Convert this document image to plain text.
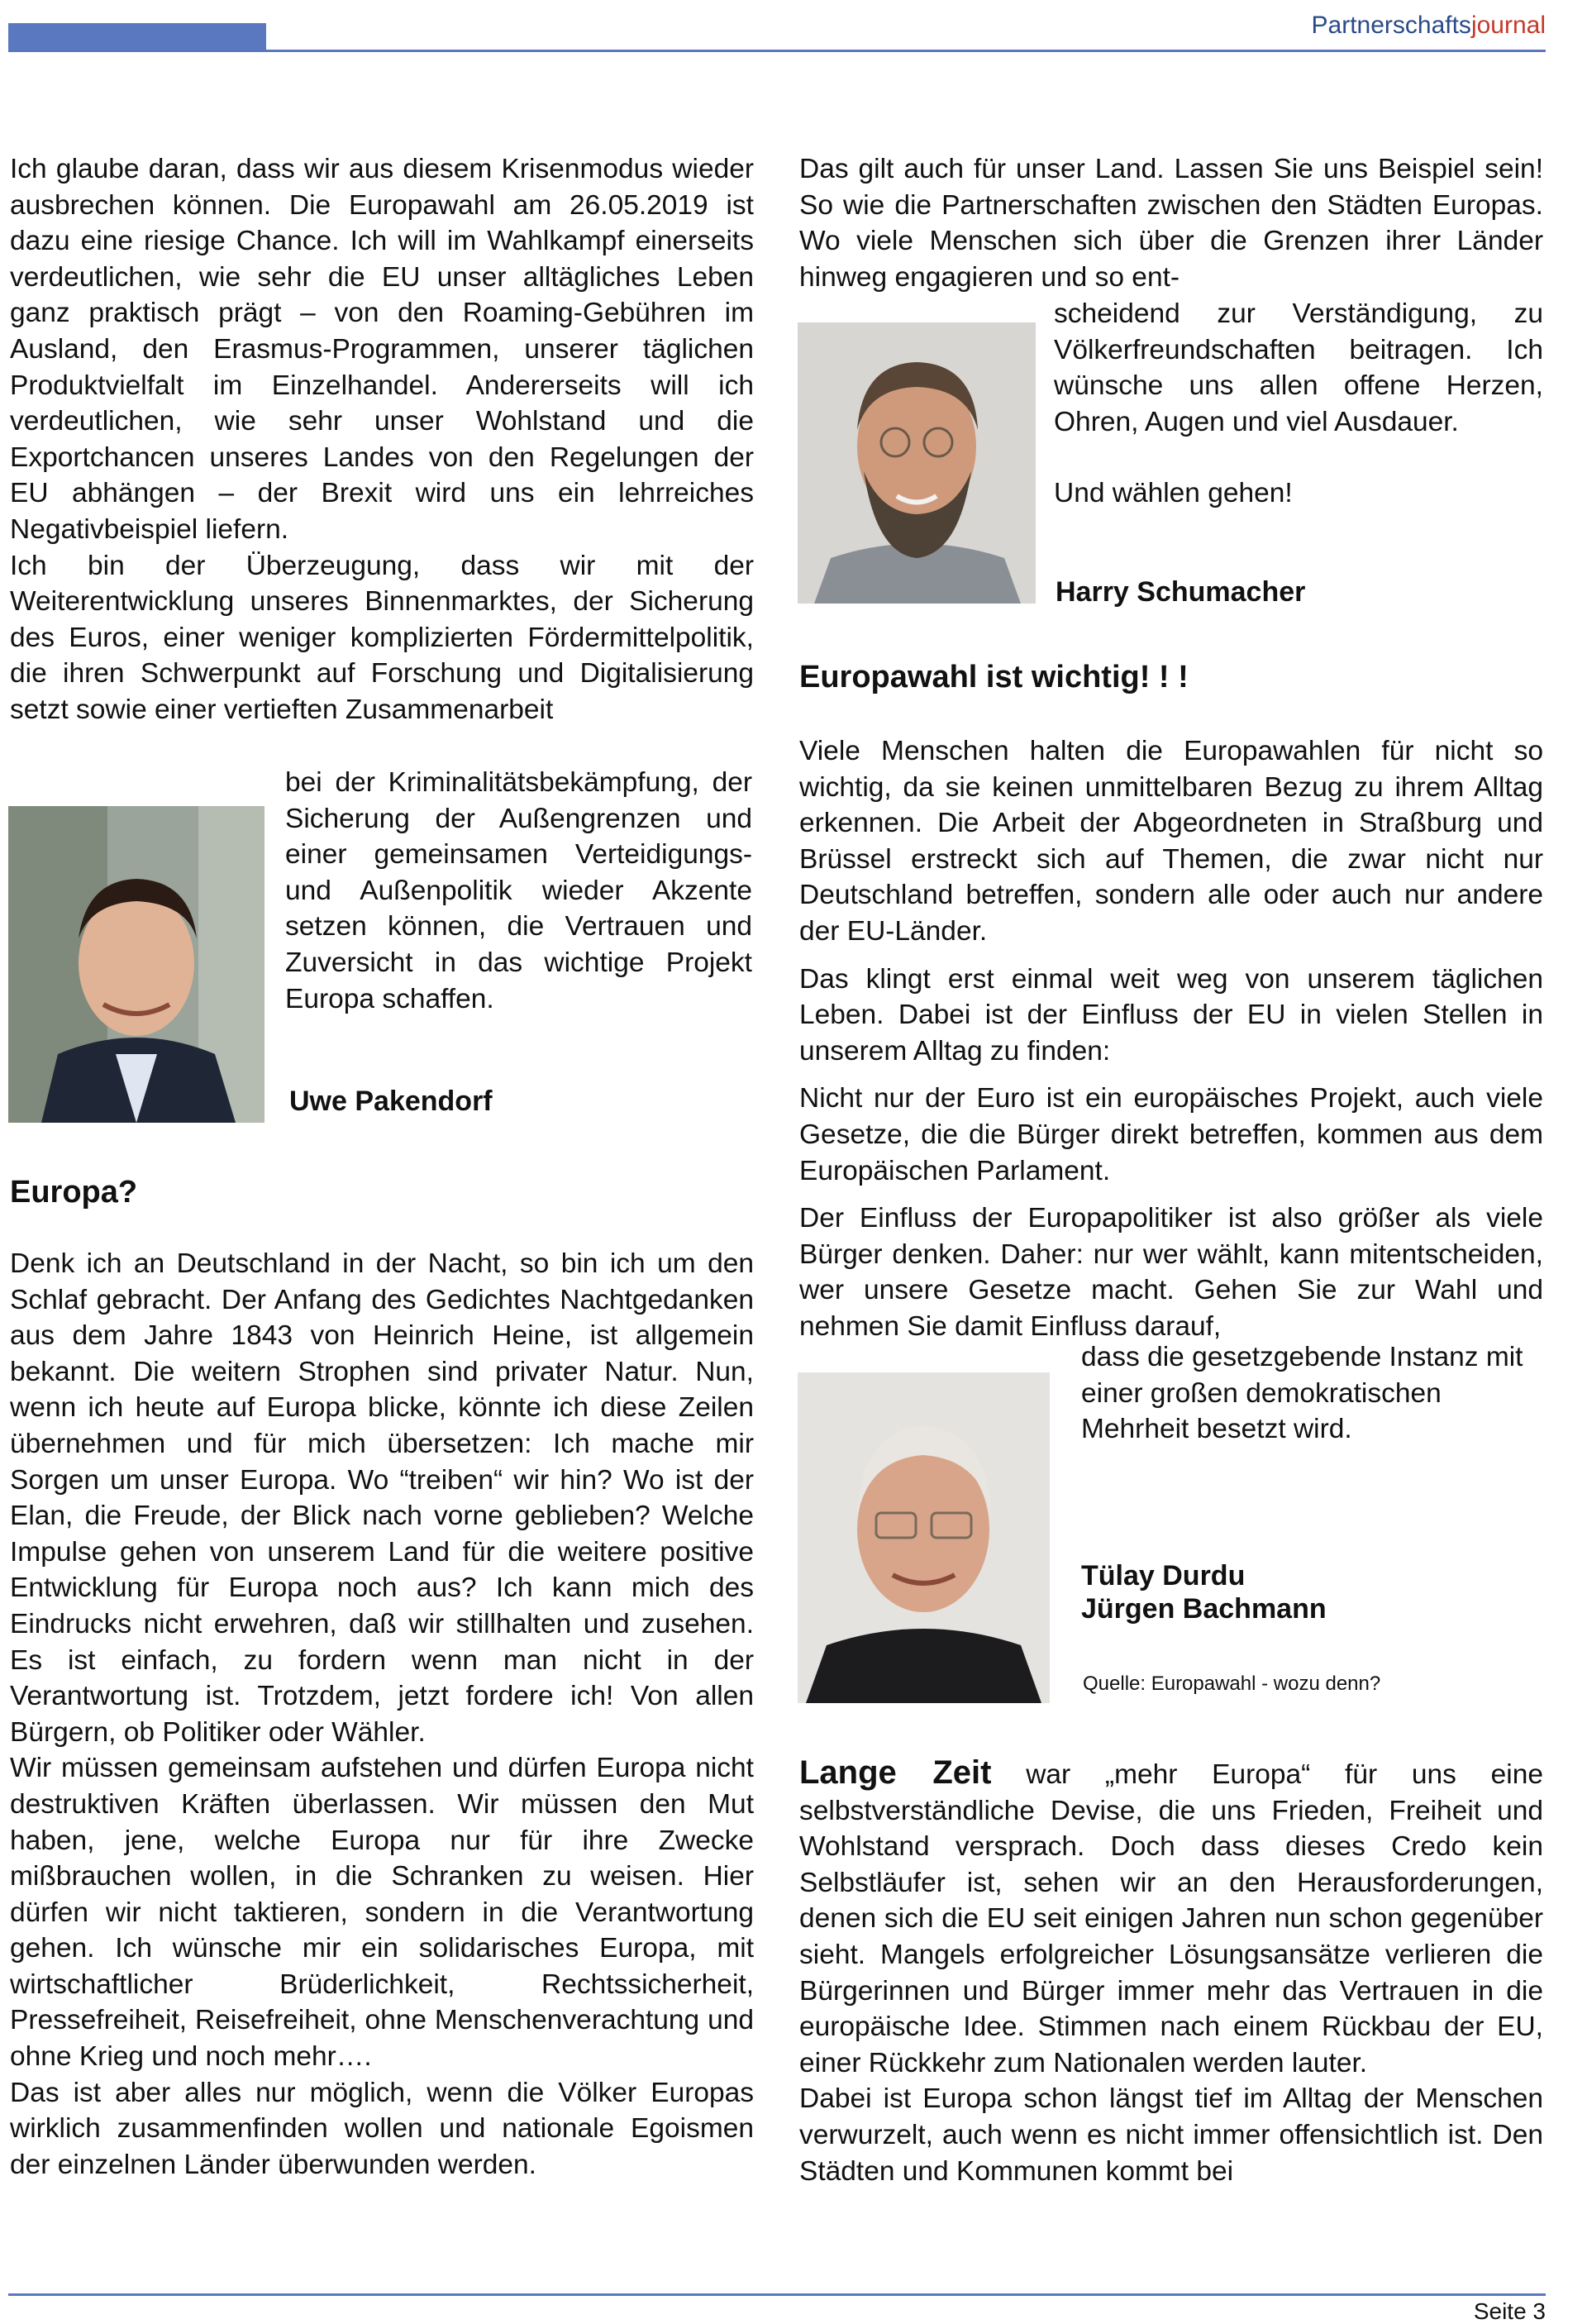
Partnerschaftsjournal

Ich glaube daran, dass wir aus diesem Krisenmodus wieder ausbrechen können. Die Europawahl am 26.05.2019 ist dazu eine riesige Chance. Ich will im Wahlkampf einerseits verdeutlichen, wie sehr die EU unser alltägliches Leben ganz praktisch prägt – von den Roaming-Gebühren im Ausland, den Erasmus-Programmen, unserer täglichen Produktvielfalt im Einzelhandel. Andererseits will ich verdeutlichen, wie sehr unser Wohlstand und die Exportchancen unseres Landes von den Regelungen der EU abhängen – der Brexit wird uns ein lehrreiches Negativbeispiel liefern.

Ich bin der Überzeugung, dass wir mit der Weiterentwicklung unseres Binnenmarktes, der Sicherung des Euros, einer weniger komplizierten Fördermittelpolitik, die ihren Schwerpunkt auf Forschung und Digitalisierung setzt sowie einer vertieften Zusammenarbeit

bei der Kriminalitätsbekämpfung, der Sicherung der Außengrenzen und einer gemeinsamen Verteidigungs- und Außenpolitik wieder Akzente setzen können, die Vertrauen und Zuversicht in das wichtige Projekt Europa schaffen.

Uwe Pakendorf
Europa?

Denk ich an Deutschland in der Nacht, so bin ich um den Schlaf gebracht. Der Anfang des Gedichtes Nachtgedanken aus dem Jahre 1843 von Heinrich Heine, ist allgemein bekannt. Die weitern Strophen sind privater Natur. Nun, wenn ich heute auf Europa blicke, könnte ich diese Zeilen übernehmen und für mich übersetzen: Ich mache mir Sorgen um unser Europa. Wo “treiben“ wir hin? Wo ist der Elan, die Freude, der Blick nach vorne geblieben? Welche Impulse gehen von unserem Land für die weitere positive Entwicklung für Europa noch aus? Ich kann mich des Eindrucks nicht erwehren, daß wir stillhalten und zusehen. Es ist einfach, zu fordern wenn man nicht in der Verantwortung ist. Trotzdem, jetzt fordere ich! Von allen Bürgern, ob Politiker oder Wähler.

Wir müssen gemeinsam aufstehen und dürfen Europa nicht destruktiven Kräften überlassen. Wir müssen den Mut haben, jene, welche Europa nur für ihre Zwecke mißbrauchen wollen, in die Schranken zu weisen. Hier dürfen wir nicht taktieren, sondern in die Verantwortung gehen. Ich wünsche mir ein solidarisches Europa, mit wirtschaftlicher Brüderlichkeit, Rechtssicherheit, Pressefreiheit, Reisefreiheit, ohne Menschenverachtung und ohne Krieg und noch mehr….

Das ist aber alles nur möglich, wenn die Völker Europas wirklich zusammenfinden wollen und nationale Egoismen der einzelnen Länder überwunden werden.

Das gilt auch für unser Land. Lassen Sie uns Beispiel sein! So wie die Partnerschaften zwischen den Städten Europas. Wo viele Menschen sich über die Grenzen ihrer Länder hinweg engagieren und so ent-

scheidend zur Verständigung, zu Völkerfreundschaften beitragen. Ich wünsche uns allen offene Herzen, Ohren, Augen und viel Ausdauer.

Und wählen gehen!

Harry Schumacher
Europawahl ist wichtig! ! !

Viele Menschen halten die Europawahlen für nicht so wichtig, da sie keinen unmittelbaren Bezug zu ihrem Alltag erkennen. Die Arbeit der Abgeordneten in Straßburg und Brüssel erstreckt sich auf Themen, die zwar nicht nur Deutschland betreffen, sondern alle oder auch nur andere der EU-Länder.

Das klingt erst einmal weit weg von unserem täglichen Leben. Dabei ist der Einfluss der EU in vielen Stellen in unserem Alltag zu finden:

Nicht nur der Euro ist ein europäisches Projekt, auch viele Gesetze, die die Bürger direkt betreffen, kommen aus dem Europäischen Parlament.

Der Einfluss der Europapolitiker ist also größer als viele Bürger denken. Daher: nur wer wählt, kann mitentscheiden, wer unsere Gesetze macht. Gehen Sie zur Wahl und nehmen Sie damit Einfluss darauf,

dass die gesetzgebende Instanz mit einer großen demokratischen Mehrheit besetzt wird.

Tülay Durdu
Jürgen Bachmann
Quelle: Europawahl - wozu denn?

Lange Zeit war „mehr Europa“ für uns eine selbstverständliche Devise, die uns Frieden, Freiheit und Wohlstand versprach. Doch dass dieses Credo kein Selbstläufer ist, sehen wir an den Herausforderungen, denen sich die EU seit einigen Jahren nun schon gegenüber sieht. Mangels erfolgreicher Lösungsansätze verlieren die Bürgerinnen und Bürger immer mehr das Vertrauen in die europäische Idee. Stimmen nach einem Rückbau der EU, einer Rückkehr zum Nationalen werden lauter.

Dabei ist Europa schon längst tief im Alltag der Menschen verwurzelt, auch wenn es nicht immer offensichtlich ist. Den Städten und Kommunen kommt bei

Seite 3
